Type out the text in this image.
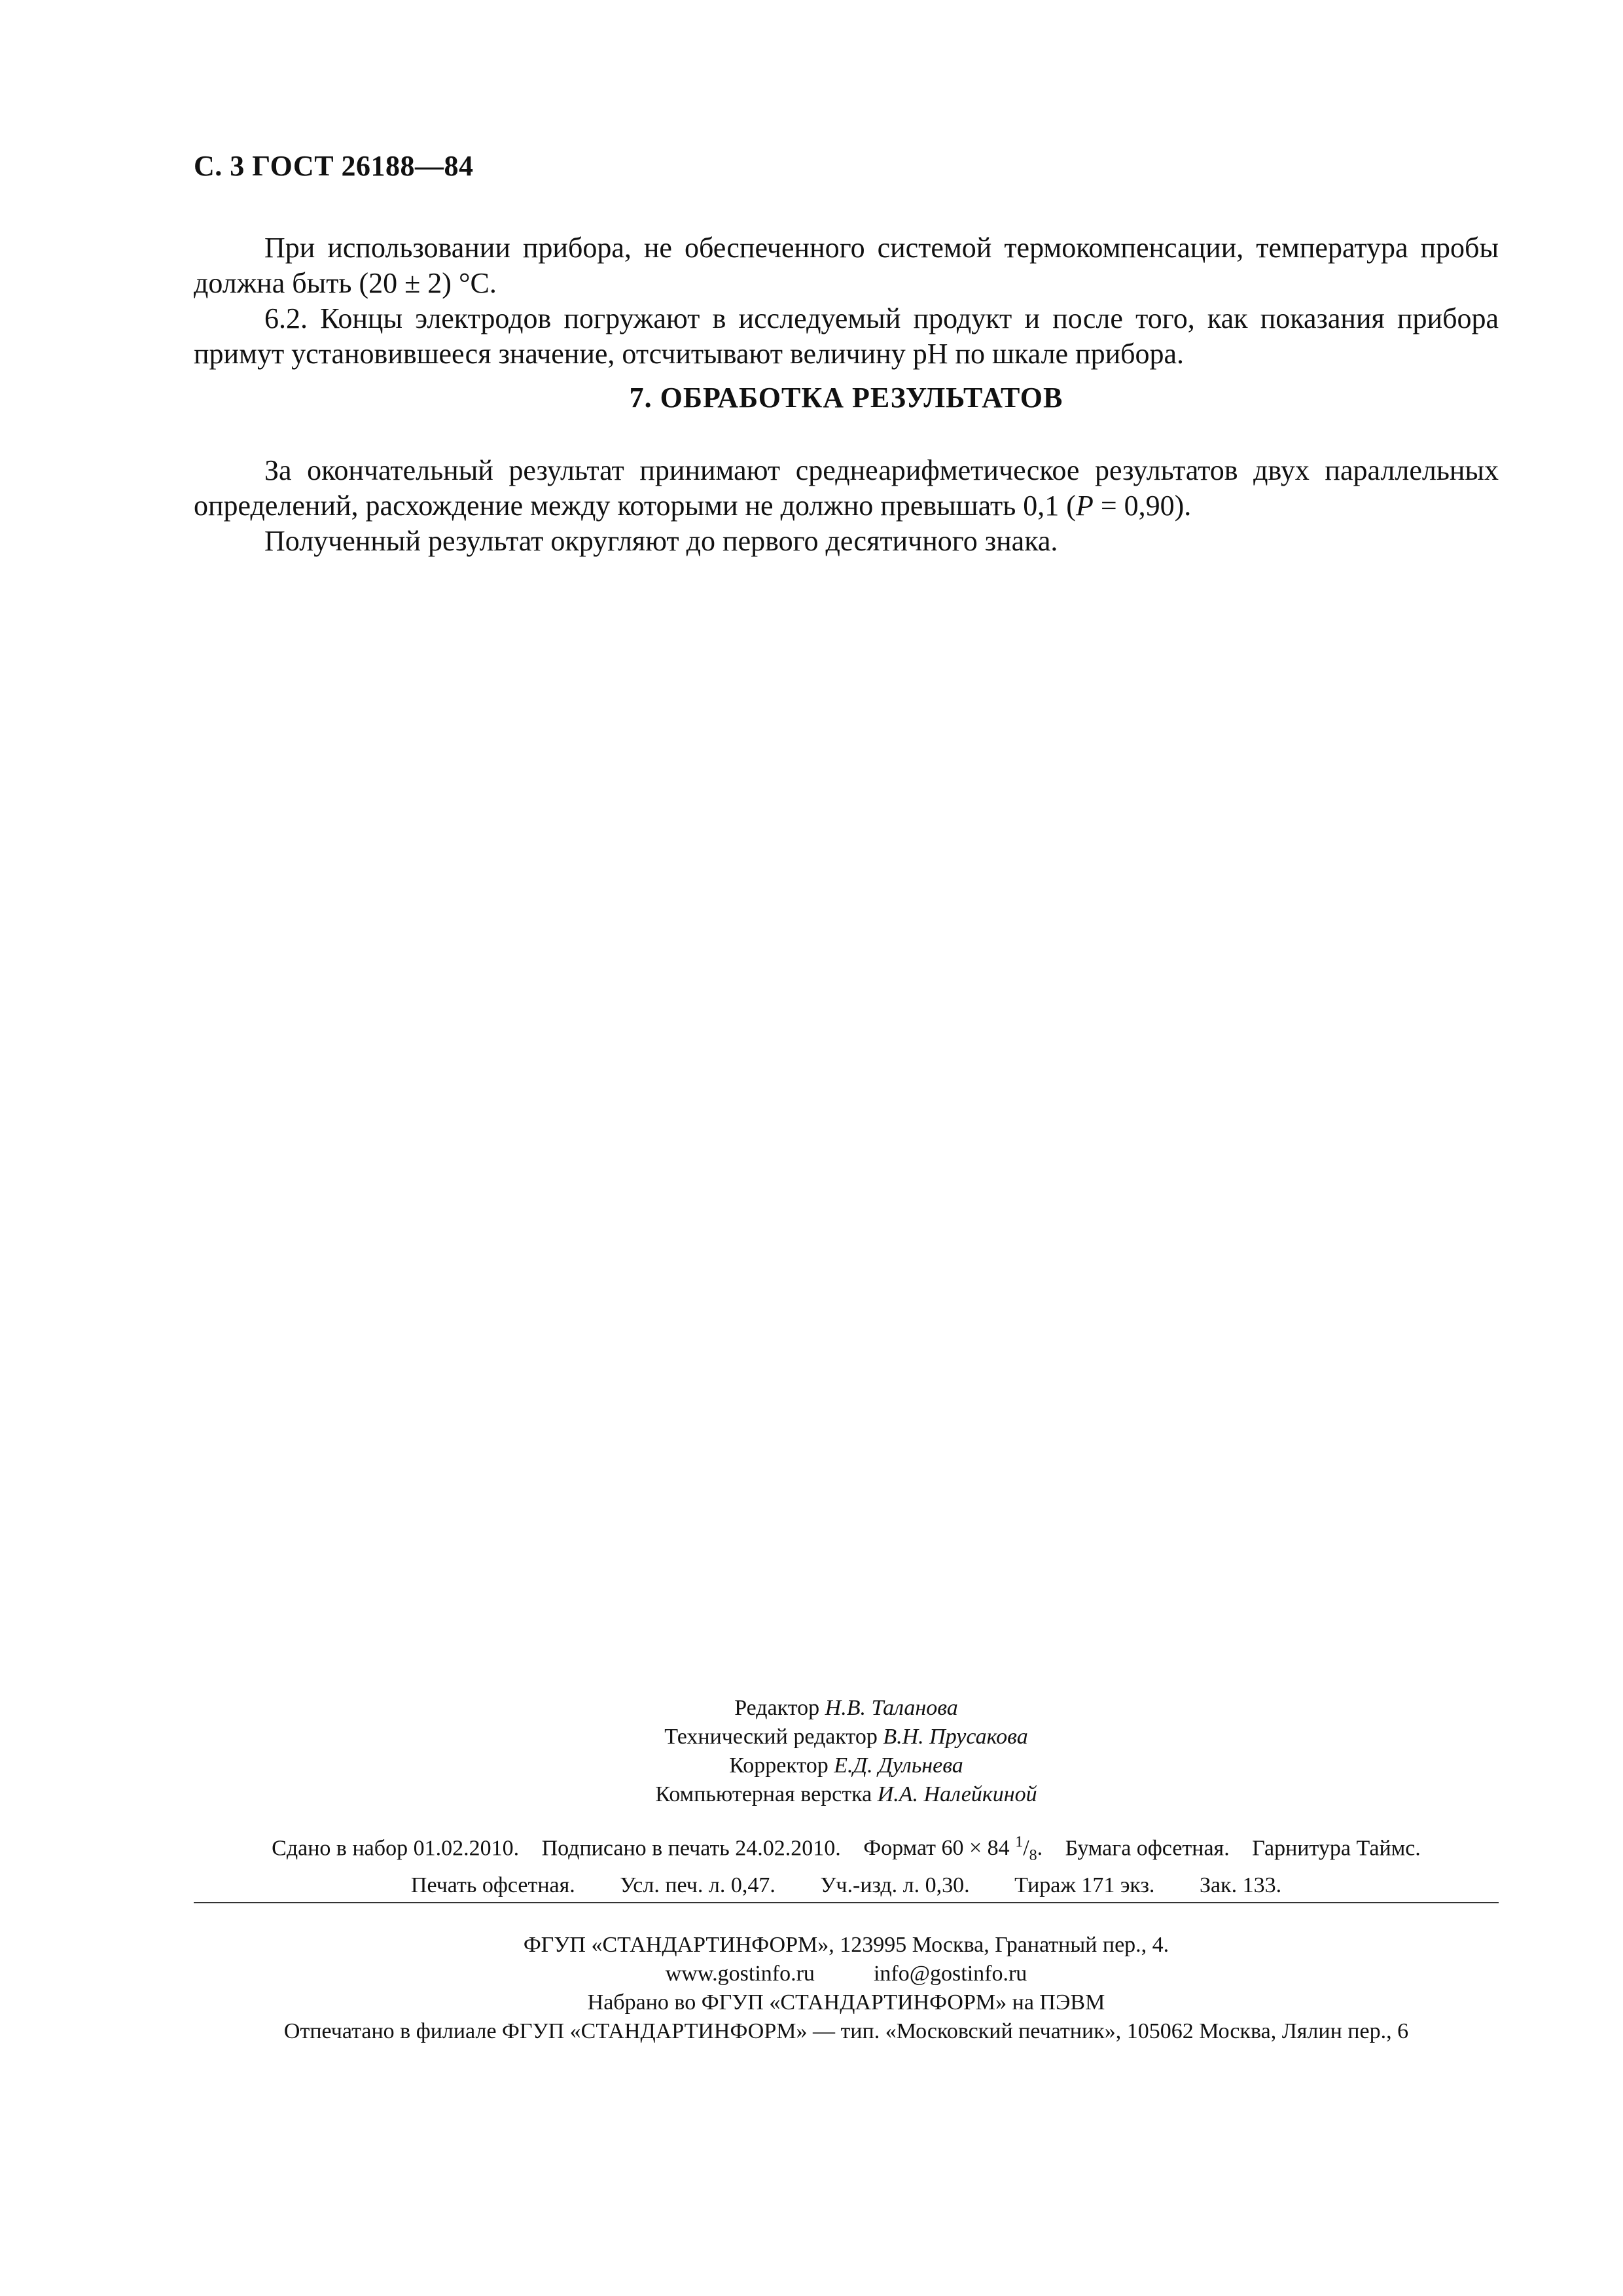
С. 3 ГОСТ 26188—84

При использовании прибора, не обеспеченного системой термокомпенсации, температура пробы должна быть (20 ± 2) °С.

6.2. Концы электродов погружают в исследуемый продукт и после того, как показания прибора примут установившееся значение, отсчитывают величину рН по шкале прибора.

7. ОБРАБОТКА РЕЗУЛЬТАТОВ

За окончательный результат принимают среднеарифметическое результатов двух параллельных определений, расхождение между которыми не должно превышать 0,1 (P = 0,90).

Полученный результат округляют до первого десятичного знака.

Редактор Н.В. Таланова
Технический редактор В.Н. Прусакова
Корректор Е.Д. Дульнева
Компьютерная верстка И.А. Налейкиной
Сдано в набор 01.02.2010. Подписано в печать 24.02.2010. Формат 60 × 84 $^1/_8$. Бумага офсетная. Гарнитура Таймс.
Печать офсетная. Усл. печ. л. 0,47. Уч.-изд. л. 0,30. Тираж 171 экз. Зак. 133.
ФГУП «СТАНДАРТИНФОРМ», 123995 Москва, Гранатный пер., 4.
www.gostinfo.ru	info@gostinfo.ru
Набрано во ФГУП «СТАНДАРТИНФОРМ» на ПЭВМ
Отпечатано в филиале ФГУП «СТАНДАРТИНФОРМ» — тип. «Московский печатник», 105062 Москва, Лялин пер., 6
